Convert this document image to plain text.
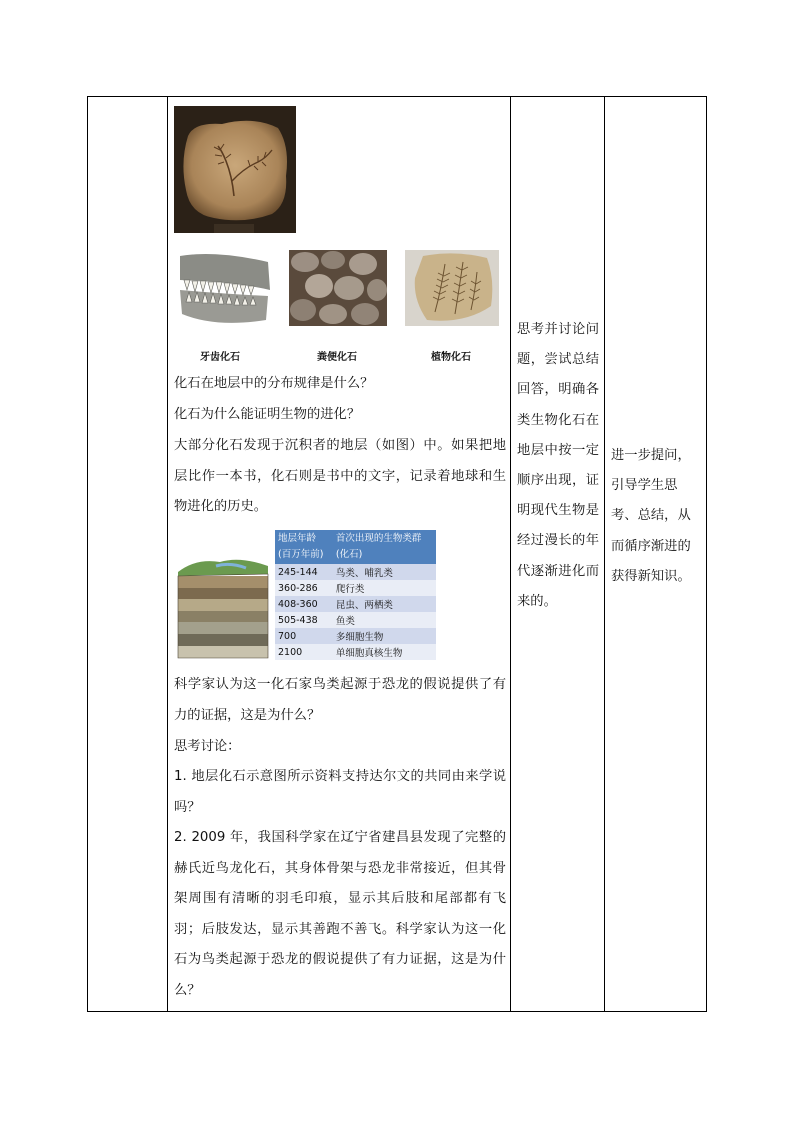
牙齿化石	粪便化石	植物化石
化石在地层中的分布规律是什么？
化石为什么能证明生物的进化？
大部分化石发现于沉积者的地层（如图）中。如果把地层比作一本书，化石则是书中的文字，记录着地球和生物进化的历史。
地层年龄
(百万年前)	首次出现的生物类群
(化石)
245-144	鸟类、哺乳类
360-286	爬行类
408-360	昆虫、两栖类
505-438	鱼类
700	多细胞生物
2100	单细胞真核生物
科学家认为这一化石家鸟类起源于恐龙的假说提供了有力的证据，这是为什么？
思考讨论：
1. 地层化石示意图所示资料支持达尔文的共同由来学说吗？
2. 2009 年，我国科学家在辽宁省建昌县发现了完整的赫氏近鸟龙化石，其身体骨架与恐龙非常接近，但其骨架周围有清晰的羽毛印痕，显示其后肢和尾部都有飞羽；后肢发达，显示其善跑不善飞。科学家认为这一化石为鸟类起源于恐龙的假说提供了有力证据，这是为什么？
思考并讨论问题，尝试总结回答，明确各类生物化石在地层中按一定顺序出现，证明现代生物是经过漫长的年代逐渐进化而来的。
进一步提问，引导学生思考、总结，从而循序渐进的获得新知识。
